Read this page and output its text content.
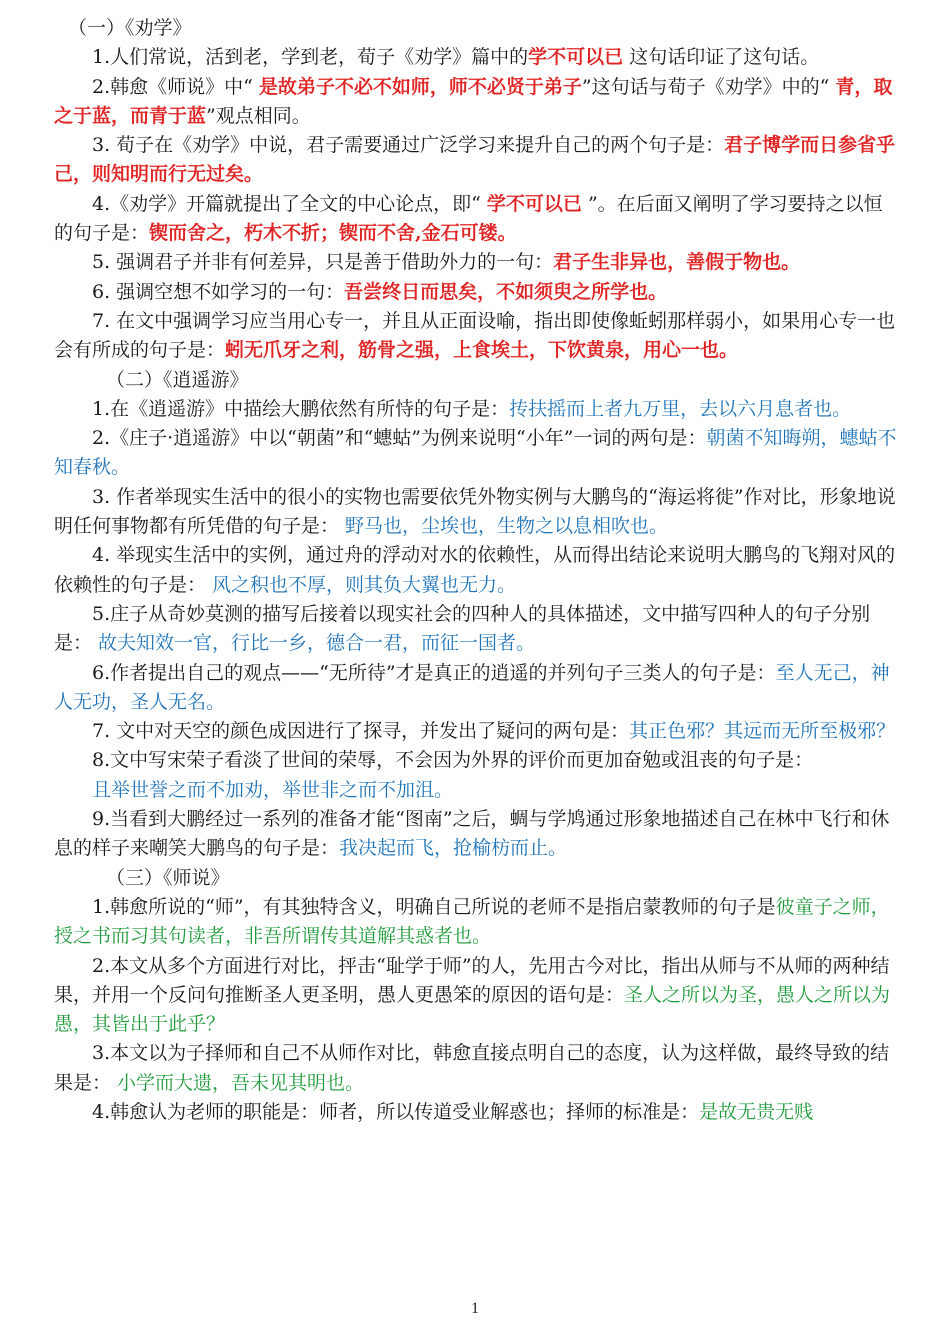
（一）《劝学》

1.人们常说，活到老，学到老，荀子《劝学》篇中的学不可以已 这句话印证了这句话。

2.韩愈《师说》中“ 是故弟子不必不如师，师不必贤于弟子”这句话与荀子《劝学》中的“ 青，取之于蓝，而青于蓝”观点相同。

3. 荀子在《劝学》中说，君子需要通过广泛学习来提升自己的两个句子是：君子博学而日参省乎己，则知明而行无过矣。

4.《劝学》开篇就提出了全文的中心论点，即“ 学不可以已 ”。在后面又阐明了学习要持之以恒的句子是：锲而舍之，朽木不折；锲而不舍,金石可镂。

5. 强调君子并非有何差异，只是善于借助外力的一句：君子生非异也，善假于物也。

6. 强调空想不如学习的一句：吾尝终日而思矣，不如须臾之所学也。

7. 在文中强调学习应当用心专一，并且从正面设喻，指出即使像蚯蚓那样弱小，如果用心专一也会有所成的句子是：蚓无爪牙之利，筋骨之强，上食埃土，下饮黄泉，用心一也。

（二）《逍遥游》

1.在《逍遥游》中描绘大鹏依然有所恃的句子是：抟扶摇而上者九万里，去以六月息者也。

2.《庄子·逍遥游》中以“朝菌”和“蟪蛄”为例来说明“小年”一词的两句是：朝菌不知晦朔，蟪蛄不知春秋。

3. 作者举现实生活中的很小的实物也需要依凭外物实例与大鹏鸟的“海运将徙”作对比，形象地说明任何事物都有所凭借的句子是： 野马也，尘埃也，生物之以息相吹也。

4. 举现实生活中的实例，通过舟的浮动对水的依赖性，从而得出结论来说明大鹏鸟的飞翔对风的依赖性的句子是： 风之积也不厚，则其负大翼也无力。

5.庄子从奇妙莫测的描写后接着以现实社会的四种人的具体描述，文中描写四种人的句子分别是： 故夫知效一官，行比一乡，德合一君，而征一国者。

6.作者提出自己的观点——“无所待”才是真正的逍遥的并列句子三类人的句子是：至人无己，神人无功，圣人无名。

7. 文中对天空的颜色成因进行了探寻，并发出了疑问的两句是：其正色邪？其远而无所至极邪？

8.文中写宋荣子看淡了世间的荣辱，不会因为外界的评价而更加奋勉或沮丧的句子是：

且举世誉之而不加劝，举世非之而不加沮。

9.当看到大鹏经过一系列的准备才能“图南”之后，蜩与学鸠通过形象地描述自己在林中飞行和休息的样子来嘲笑大鹏鸟的句子是：我决起而飞，抢榆枋而止。

（三）《师说》

1.韩愈所说的“师”，有其独特含义，明确自己所说的老师不是指启蒙教师的句子是彼童子之师，授之书而习其句读者，非吾所谓传其道解其惑者也。

2.本文从多个方面进行对比，抨击“耻学于师”的人，先用古今对比，指出从师与不从师的两种结果，并用一个反问句推断圣人更圣明，愚人更愚笨的原因的语句是：圣人之所以为圣，愚人之所以为愚，其皆出于此乎？

3.本文以为子择师和自己不从师作对比，韩愈直接点明自己的态度，认为这样做，最终导致的结果是： 小学而大遗，吾未见其明也。

4.韩愈认为老师的职能是：师者，所以传道受业解惑也；择师的标准是：是故无贵无贱

1
